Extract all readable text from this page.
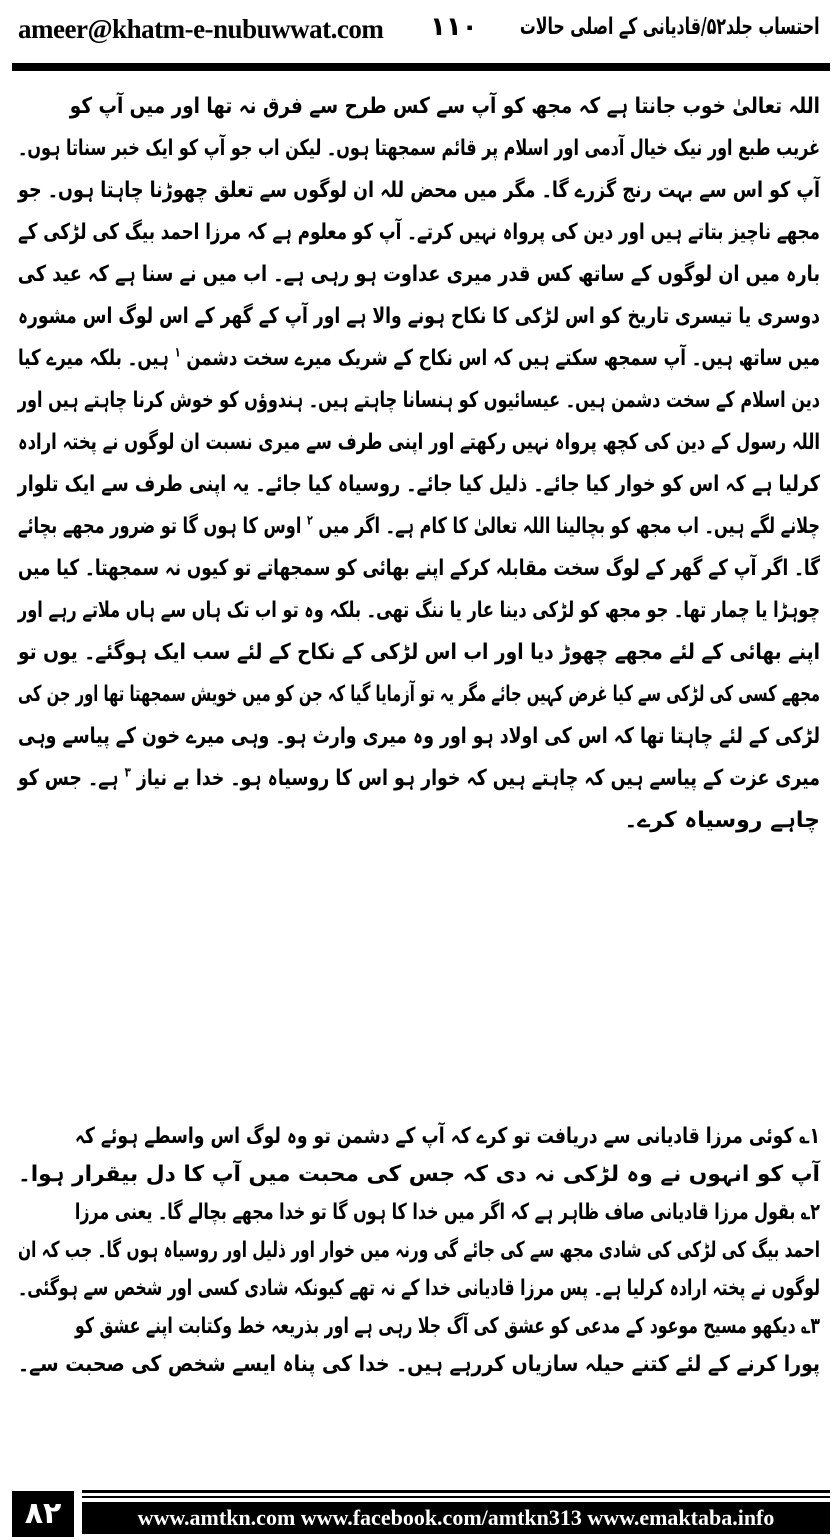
ameer@khatm-e-nubuwwat.com ۱۱۰ احتساب جلد۵۲/قادیانی کے اصلی حالات
اللہ تعالیٰ خوب جانتا ہے کہ مجھ کو آپ سے کس طرح سے فرق نہ تھا اور میں آپ کو
غریب طبع اور نیک خیال آدمی اور اسلام پر قائم سمجھتا ہوں۔ لیکن اب جو آپ کو ایک خبر سناتا ہوں۔
آپ کو اس سے بہت رنج گزرے گا۔ مگر میں محض للہ ان لوگوں سے تعلق چھوڑنا چاہتا ہوں۔ جو
مجھے ناچیز بتاتے ہیں اور دین کی پرواہ نہیں کرتے۔ آپ کو معلوم ہے کہ مرزا احمد بیگ کی لڑکی کے
بارہ میں ان لوگوں کے ساتھ کس قدر میری عداوت ہو رہی ہے۔ اب میں نے سنا ہے کہ عید کی
دوسری یا تیسری تاریخ کو اس لڑکی کا نکاح ہونے والا ہے اور آپ کے گھر کے اس لوگ اس مشورہ
میں ساتھ ہیں۔ آپ سمجھ سکتے ہیں کہ اس نکاح کے شریک میرے سخت دشمن $^۱$ ہیں۔ بلکہ میرے کیا
دین اسلام کے سخت دشمن ہیں۔ عیسائیوں کو ہنسانا چاہتے ہیں۔ ہندوؤں کو خوش کرنا چاہتے ہیں اور
اللہ رسول کے دین کی کچھ پرواہ نہیں رکھتے اور اپنی طرف سے میری نسبت ان لوگوں نے پختہ ارادہ
کرلیا ہے کہ اس کو خوار کیا جائے۔ ذلیل کیا جائے۔ روسیاہ کیا جائے۔ یہ اپنی طرف سے ایک تلوار
چلانے لگے ہیں۔ اب مجھ کو بچالینا اللہ تعالیٰ کا کام ہے۔ اگر میں $^۲$ اوس کا ہوں گا تو ضرور مجھے بچائے
گا۔ اگر آپ کے گھر کے لوگ سخت مقابلہ کرکے اپنے بھائی کو سمجھاتے تو کیوں نہ سمجھتا۔ کیا میں
چوہڑا یا چمار تھا۔ جو مجھ کو لڑکی دینا عار یا ننگ تھی۔ بلکہ وہ تو اب تک ہاں سے ہاں ملاتے رہے اور
اپنے بھائی کے لئے مجھے چھوڑ دیا اور اب اس لڑکی کے نکاح کے لئے سب ایک ہوگئے۔ یوں تو
مجھے کسی کی لڑکی سے کیا غرض کہیں جائے مگر یہ تو آزمایا گیا کہ جن کو میں خویش سمجھتا تھا اور جن کی
لڑکی کے لئے چاہتا تھا کہ اس کی اولاد ہو اور وہ میری وارث ہو۔ وہی میرے خون کے پیاسے وہی
میری عزت کے پیاسے ہیں کہ چاہتے ہیں کہ خوار ہو اس کا روسیاہ ہو۔ خدا بے نیاز $^۳$ ہے۔ جس کو
چاہے روسیاہ کرے۔
۱؎ کوئی مرزا قادیانی سے دریافت تو کرے کہ آپ کے دشمن تو وہ لوگ اس واسطے ہوئے کہ
آپ کو انہوں نے وہ لڑکی نہ دی کہ جس کی محبت میں آپ کا دل بیقرار ہوا۔
۲؎ بقول مرزا قادیانی صاف ظاہر ہے کہ اگر میں خدا کا ہوں گا تو خدا مجھے بچالے گا۔ یعنی مرزا
احمد بیگ کی لڑکی کی شادی مجھ سے کی جائے گی ورنہ میں خوار اور ذلیل اور روسیاہ ہوں گا۔ جب کہ ان
لوگوں نے پختہ ارادہ کرلیا ہے۔ پس مرزا قادیانی خدا کے نہ تھے کیونکہ شادی کسی اور شخص سے ہوگئی۔
۳؎ دیکھو مسیح موعود کے مدعی کو عشق کی آگ جلا رہی ہے اور بذریعہ خط وکتابت اپنے عشق کو
پورا کرنے کے لئے کتنے حیلہ سازیاں کررہے ہیں۔ خدا کی پناہ ایسے شخص کی صحبت سے۔
۸۲	www.amtkn.com www.facebook.com/amtkn313 www.emaktaba.info
